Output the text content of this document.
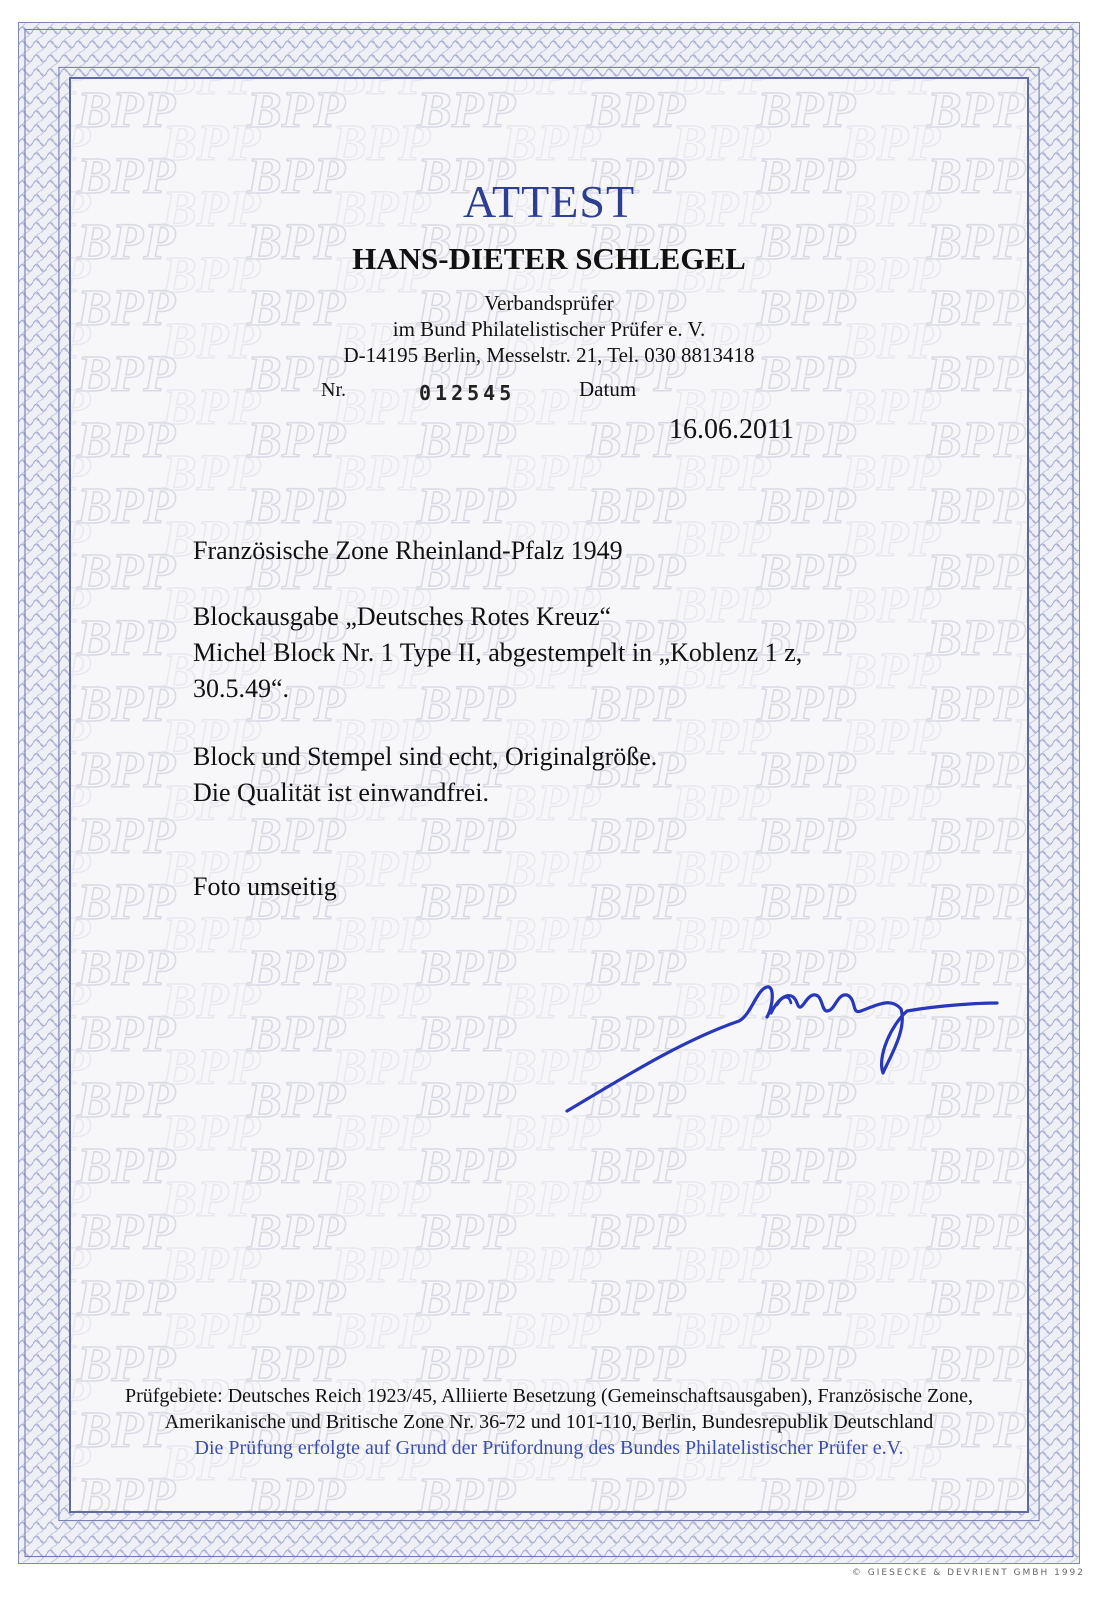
ATTEST
HANS-DIETER SCHLEGEL
Verbandsprüfer
im Bund Philatelistischer Prüfer e. V.
D-14195 Berlin, Messelstr. 21, Tel. 030 8813418
Nr.	012545	Datum
16.06.2011
Französische Zone Rheinland-Pfalz 1949
Blockausgabe „Deutsches Rotes Kreuz“
Michel Block Nr. 1 Type II, abgestempelt in „Koblenz 1 z,
30.5.49“.
Block und Stempel sind echt, Originalgröße.
Die Qualität ist einwandfrei.
Foto umseitig
Prüfgebiete: Deutsches Reich 1923/45, Alliierte Besetzung (Gemeinschaftsausgaben), Französische Zone,
Amerikanische und Britische Zone Nr. 36-72 und 101-110, Berlin, Bundesrepublik Deutschland
Die Prüfung erfolgte auf Grund der Prüfordnung des Bundes Philatelistischer Prüfer e.V.
© GIESECKE & DEVRIENT GMBH 1992
